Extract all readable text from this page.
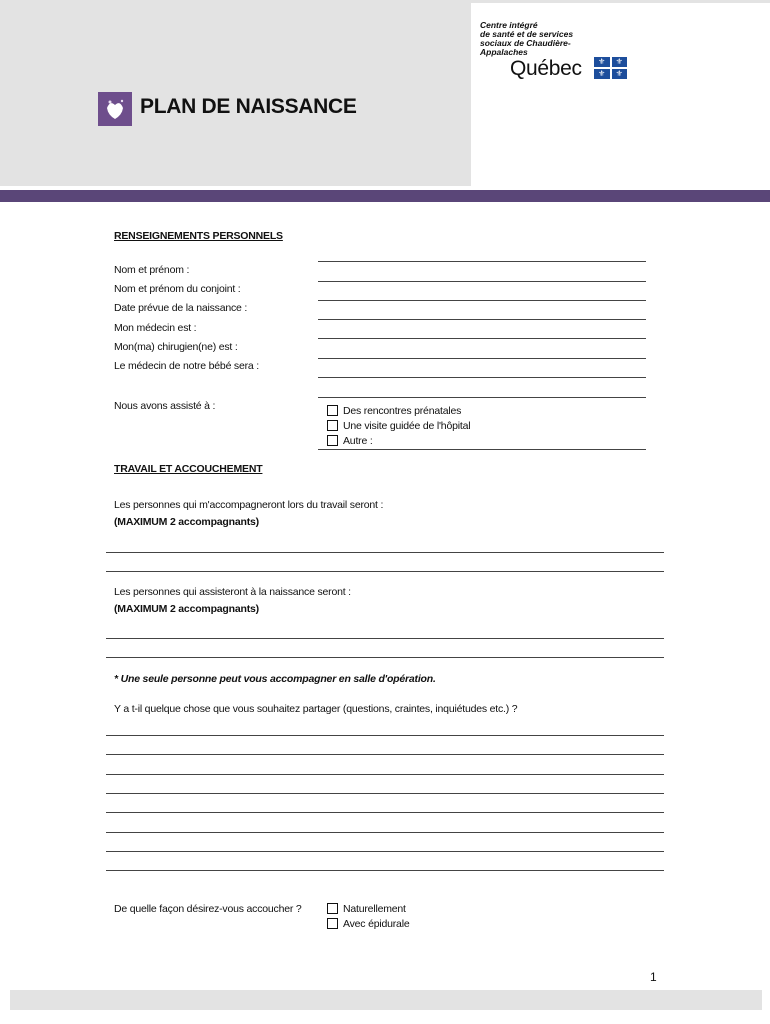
Centre intégré
de santé et de services
sociaux de Chaudière-
Appalaches
Québec	⚜	⚜
⚜	⚜
PLAN DE NAISSANCE
RENSEIGNEMENTS PERSONNELS
Nom et prénom :
Nom et prénom du conjoint :
Date prévue de la naissance :
Mon médecin est :
Mon(ma) chirugien(ne) est :
Le médecin de notre bébé sera :
Nous avons assisté à :	Des rencontres prénatales
Une visite guidée de l'hôpital
Autre :
TRAVAIL ET ACCOUCHEMENT
Les personnes qui m'accompagneront lors du travail seront :
(MAXIMUM 2 accompagnants)
Les personnes qui assisteront à la naissance seront :
(MAXIMUM 2 accompagnants)
* Une seule personne peut vous accompagner en salle d'opération.
Y a t-il quelque chose que vous souhaitez partager (questions, craintes, inquiétudes etc.) ?
De quelle façon désirez-vous accoucher ?	Naturellement
Avec épidurale
1
